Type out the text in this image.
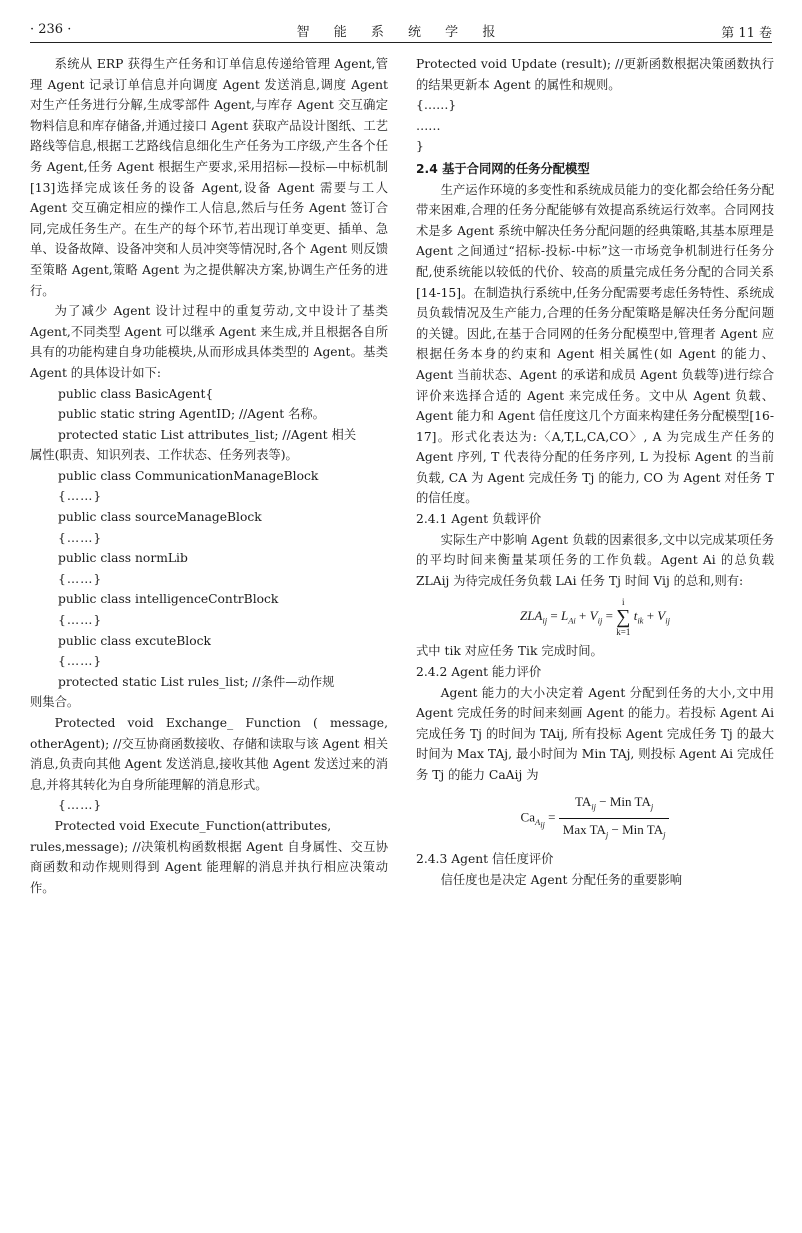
· 236 ·	智 能 系 统 学 报	第 11 卷

系统从 ERP 获得生产任务和订单信息传递给管理 Agent,管理 Agent 记录订单信息并向调度 Agent 发送消息,调度 Agent 对生产任务进行分解,生成零部件 Agent,与库存 Agent 交互确定物料信息和库存储备,并通过接口 Agent 获取产品设计图纸、工艺路线等信息,根据工艺路线信息细化生产任务为工序级,产生各个任务 Agent,任务 Agent 根据生产要求,采用招标—投标—中标机制[13]选择完成该任务的设备 Agent,设备 Agent 需要与工人 Agent 交互确定相应的操作工人信息,然后与任务 Agent 签订合同,完成任务生产。在生产的每个环节,若出现订单变更、插单、急单、设备故障、设备冲突和人员冲突等情况时,各个 Agent 则反馈至策略 Agent,策略 Agent 为之提供解决方案,协调生产任务的进行。

为了减少 Agent 设计过程中的重复劳动,文中设计了基类 Agent,不同类型 Agent 可以继承 Agent 来生成,并且根据各自所具有的功能构建自身功能模块,从而形成具体类型的 Agent。基类 Agent 的具体设计如下:

public class BasicAgent{

public static string AgentID; //Agent 名称。

protected static List attributes_list; //Agent 相关

属性(职责、知识列表、工作状态、任务列表等)。

public class CommunicationManageBlock

{……}

public class sourceManageBlock

{……}

public class normLib

{……}

public class intelligenceContrBlock

{……}

public class excuteBlock

{……}

protected static List rules_list; //条件—动作规

则集合。

Protected void Exchange_ Function ( message, otherAgent); //交互协商函数接收、存储和读取与该 Agent 相关消息,负责向其他 Agent 发送消息,接收其他 Agent 发送过来的消息,并将其转化为自身所能理解的消息形式。

{……}

Protected void Execute_Function(attributes,

rules,message); //决策机构函数根据 Agent 自身属性、交互协商函数和动作规则得到 Agent 能理解的消息并执行相应决策动作。

Protected void Update (result); //更新函数根据决策函数执行的结果更新本 Agent 的属性和规则。

{……}

……

}

2.4 基于合同网的任务分配模型

生产运作环境的多变性和系统成员能力的变化都会给任务分配带来困难,合理的任务分配能够有效提高系统运行效率。合同网技术是多 Agent 系统中解决任务分配问题的经典策略,其基本原理是 Agent 之间通过“招标-投标-中标”这一市场竞争机制进行任务分配,使系统能以较低的代价、较高的质量完成任务分配的合同关系[14-15]。在制造执行系统中,任务分配需要考虑任务特性、系统成员负载情况及生产能力,合理的任务分配策略是解决任务分配问题的关键。因此,在基于合同网的任务分配模型中,管理者 Agent 应根据任务本身的约束和 Agent 相关属性(如 Agent 的能力、Agent 当前状态、Agent 的承诺和成员 Agent 负载等)进行综合评价来选择合适的 Agent 来完成任务。文中从 Agent 负载、Agent 能力和 Agent 信任度这几个方面来构建任务分配模型[16-17]。形式化表达为:〈A,T,L,CA,CO〉, A 为完成生产任务的 Agent 序列, T 代表待分配的任务序列, L 为投标 Agent 的当前负载, CA 为 Agent 完成任务 Tj 的能力, CO 为 Agent 对任务 T 的信任度。

2.4.1 Agent 负载评价

实际生产中影响 Agent 负载的因素很多,文中以完成某项任务的平均时间来衡量某项任务的工作负载。Agent Ai 的总负载 ZLAij 为待完成任务负载 LAi 任务 Tj 时间 Vij 的总和,则有:

$ZLA_{ij} = L_{Ai} + V_{ij} = i$
∑
k=1 $t_{ik} + V_{ij}$

式中 tik 对应任务 Tik 完成时间。

2.4.2 Agent 能力评价

Agent 能力的大小决定着 Agent 分配到任务的大小,文中用 Agent 完成任务的时间来刻画 Agent 的能力。若投标 Agent Ai 完成任务 Tj 的时间为 TAij, 所有投标 Agent 完成任务 Tj 的最大时间为 Max TAj, 最小时间为 Min TAj, 则投标 Agent Ai 完成任务 Tj 的能力 CaAij 为

$Ca_{A_{ij}} = \frac{TA_{ij} - Min TA_j}{Max TA_j - Min TA_j}$

2.4.3 Agent 信任度评价

信任度也是决定 Agent 分配任务的重要影响
